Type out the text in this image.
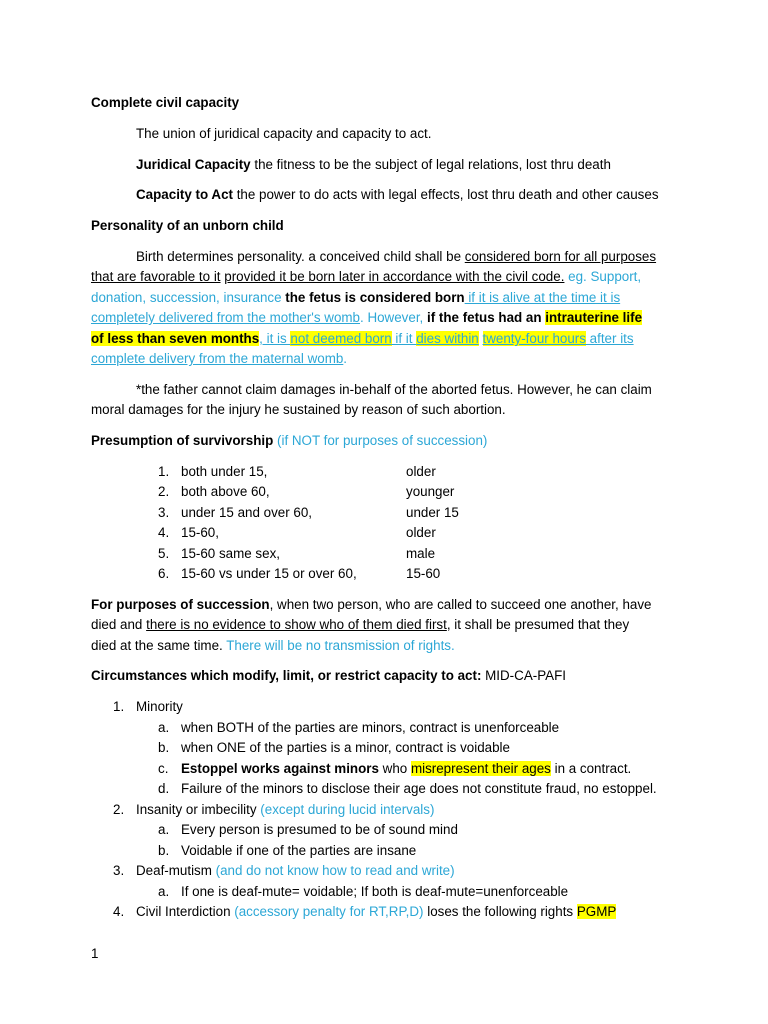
Complete civil capacity
The union of juridical capacity and capacity to act.
Juridical Capacity the fitness to be the subject of legal relations, lost thru death
Capacity to Act the power to do acts with legal effects, lost thru death and other causes
Personality of an unborn child
Birth determines personality. a conceived child shall be considered born for all purposes
that are favorable to it provided it be born later in accordance with the civil code. eg. Support,
donation, succession, insurance the fetus is considered born if it is alive at the time it is
completely delivered from the mother's womb. However, if the fetus had an intrauterine life
of less than seven months, it is not deemed born if it dies within twenty-four hours after its
complete delivery from the maternal womb.
*the father cannot claim damages in-behalf of the aborted fetus. However, he can claim
moral damages for the injury he sustained by reason of such abortion.
Presumption of survivorship (if NOT for purposes of succession)
1. both under 15,	older
2. both above 60,	younger
3. under 15 and over 60,	under 15
4. 15-60,	older
5. 15-60 same sex,	male
6. 15-60 vs under 15 or over 60,	15-60
For purposes of succession, when two person, who are called to succeed one another, have
died and there is no evidence to show who of them died first, it shall be presumed that they
died at the same time. There will be no transmission of rights.
Circumstances which modify, limit, or restrict capacity to act: MID-CA-PAFI
1. Minority
a. when BOTH of the parties are minors, contract is unenforceable
b. when ONE of the parties is a minor, contract is voidable
c. Estoppel works against minors who misrepresent their ages in a contract.
d. Failure of the minors to disclose their age does not constitute fraud, no estoppel.
2. Insanity or imbecility (except during lucid intervals)
a. Every person is presumed to be of sound mind
b. Voidable if one of the parties are insane
3. Deaf-mutism (and do not know how to read and write)
a. If one is deaf-mute= voidable; If both is deaf-mute=unenforceable
4. Civil Interdiction (accessory penalty for RT,RP,D) loses the following rights PGMP
1
